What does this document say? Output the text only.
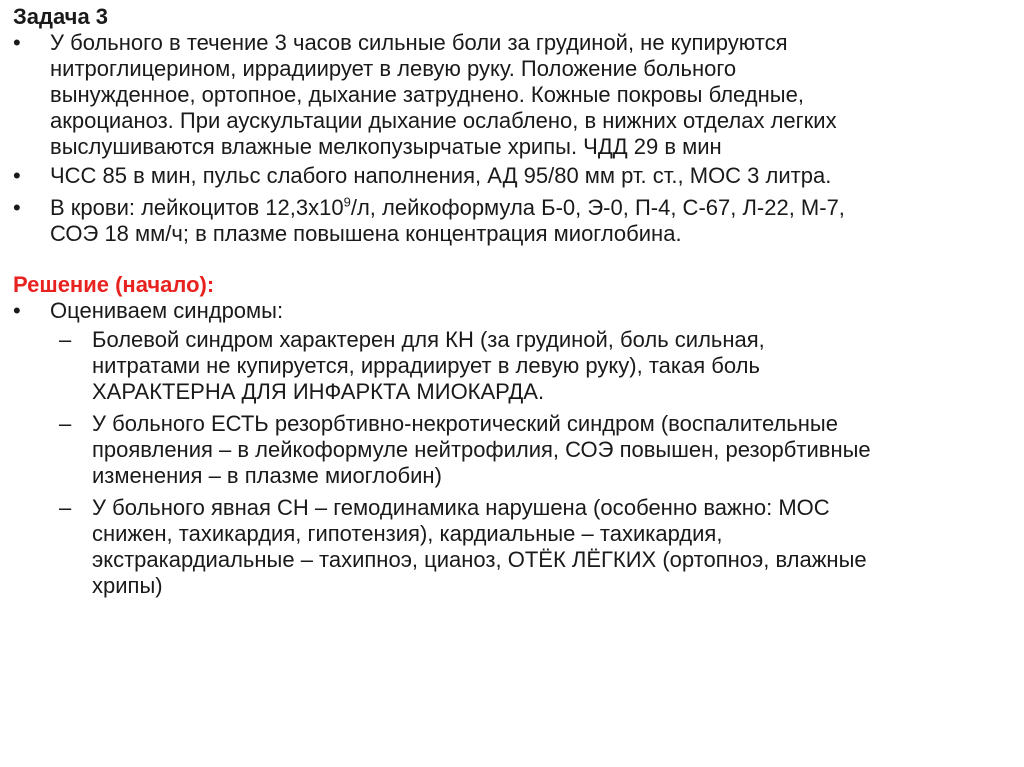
Задача 3

•	У больного в течение 3 часов сильные боли за грудиной, не купируются
нитроглицерином, иррадиирует в левую руку. Положение больного
вынужденное, ортопное, дыхание затруднено. Кожные покровы бледные,
акроцианоз. При аускультации дыхание ослаблено, в нижних отделах легких
выслушиваются влажные мелкопузырчатые хрипы. ЧДД 29 в мин
•	ЧСС 85 в мин, пульс слабого наполнения, АД 95/80 мм рт. ст., МОС 3 литра.
•	В крови: лейкоцитов $12,3х10^9/л$, лейкоформула Б-0, Э-0, П-4, С-67, Л-22, М-7,
СОЭ 18 мм/ч; в плазме повышена концентрация миоглобина.

Решение (начало):

•	Оцениваем синдромы:
– Болевой синдром характерен для КН (за грудиной, боль сильная,
нитратами не купируется, иррадиирует в левую руку), такая боль
ХАРАКТЕРНА ДЛЯ ИНФАРКТА МИОКАРДА.
– У больного ЕСТЬ резорбтивно-некротический синдром (воспалительные
проявления – в лейкоформуле нейтрофилия, СОЭ повышен, резорбтивные
изменения – в плазме миоглобин)
– У больного явная СН – гемодинамика нарушена (особенно важно: МОС
снижен, тахикардия, гипотензия), кардиальные – тахикардия,
экстракардиальные – тахипноэ, цианоз, ОТЁК ЛЁГКИХ (ортопноэ, влажные
хрипы)
